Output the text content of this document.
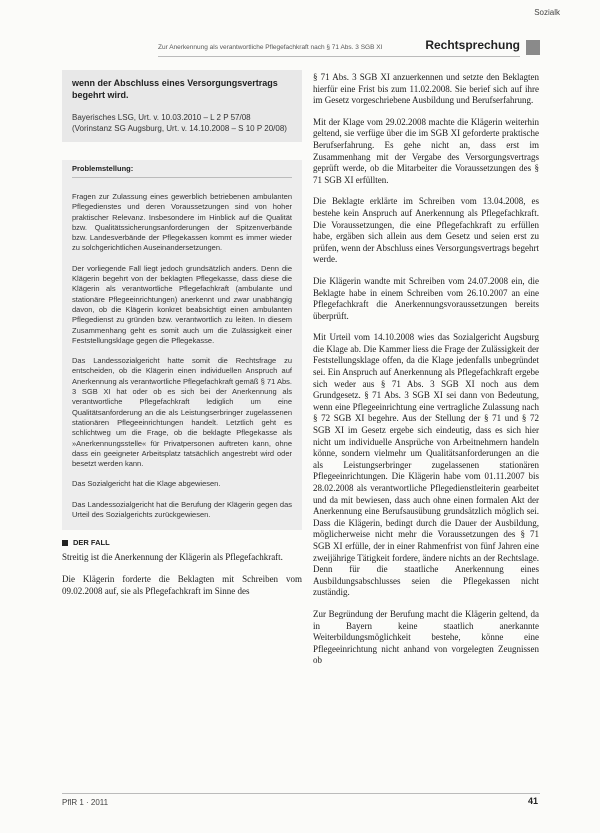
Sozialk
Zur Anerkennung als verantwortliche Pflegefachkraft nach § 71 Abs. 3 SGB XI	Rechtsprechung

wenn der Abschluss eines Versorgungsvertrags begehrt wird.

Bayerisches LSG, Urt. v. 10.03.2010 – L 2 P 57/08

(Vorinstanz SG Augsburg, Urt. v. 14.10.2008 – S 10 P 20/08)

Problemstellung:

Fragen zur Zulassung eines gewerblich betriebenen ambulanten Pflegedienstes und deren Voraussetzungen sind von hoher praktischer Relevanz. Insbesondere im Hinblick auf die Qualität bzw. Qualitätssicherungsanforderungen der Spitzenverbände bzw. Landesverbände der Pflegekassen kommt es immer wieder zu solchgerichtlichen Auseinandersetzungen.

Der vorliegende Fall liegt jedoch grundsätzlich anders. Denn die Klägerin begehrt von der beklagten Pflegekasse, dass diese die Klägerin als verantwortliche Pflegefachkraft (ambulante und stationäre Pflegeeinrichtungen) anerkennt und zwar unabhängig davon, ob die Klägerin konkret beabsichtigt einen ambulanten Pflegedienst zu gründen bzw. verantwortlich zu leiten. In diesem Zusammenhang geht es somit auch um die Zulässigkeit einer Feststellungsklage gegen die Pflegekasse.

Das Landessozialgericht hatte somit die Rechtsfrage zu entscheiden, ob die Klägerin einen individuellen Anspruch auf Anerkennung als verantwortliche Pflegefachkraft gemäß § 71 Abs. 3 SGB XI hat oder ob es sich bei der Anerkennung als verantwortliche Pflegefachkraft lediglich um eine Qualitätsanforderung an die als Leistungserbringer zugelassenen stationären Pflegeeinrichtungen handelt. Letztlich geht es schlichtweg um die Frage, ob die beklagte Pflegekasse als »Anerkennungsstelle« für Privatpersonen auftreten kann, ohne dass ein geeigneter Arbeitsplatz tatsächlich angestrebt wird oder besetzt werden kann.

Das Sozialgericht hat die Klage abgewiesen.

Das Landessozialgericht hat die Berufung der Klägerin gegen das Urteil des Sozialgerichts zurückgewiesen.

DER FALL

Streitig ist die Anerkennung der Klägerin als Pflegefachkraft.

Die Klägerin forderte die Beklagten mit Schreiben vom 09.02.2008 auf, sie als Pflegefachkraft im Sinne des

§ 71 Abs. 3 SGB XI anzuerkennen und setzte den Beklagten hierfür eine Frist bis zum 11.02.2008. Sie berief sich auf ihre im Gesetz vorgeschriebene Ausbildung und Berufserfahrung.

Mit der Klage vom 29.02.2008 machte die Klägerin weiterhin geltend, sie verfüge über die im SGB XI geforderte praktische Berufserfahrung. Es gehe nicht an, dass erst im Zusammenhang mit der Vergabe des Versorgungsvertrags geprüft werde, ob die Mitarbeiter die Voraussetzungen des § 71 SGB XI erfüllten.

Die Beklagte erklärte im Schreiben vom 13.04.2008, es bestehe kein Anspruch auf Anerkennung als Pflegefachkraft. Die Voraussetzungen, die eine Pflegefachkraft zu erfüllen habe, ergäben sich allein aus dem Gesetz und seien erst zu prüfen, wenn der Abschluss eines Versorgungsvertrags begehrt werde.

Die Klägerin wandte mit Schreiben vom 24.07.2008 ein, die Beklagte habe in einem Schreiben vom 26.10.2007 an eine Pflegefachkraft die Anerkennungsvoraussetzungen bereits überprüft.

Mit Urteil vom 14.10.2008 wies das Sozialgericht Augsburg die Klage ab. Die Kammer liess die Frage der Zulässigkeit der Feststellungsklage offen, da die Klage jedenfalls unbegründet sei. Ein Anspruch auf Anerkennung als Pflegefachkraft ergebe sich weder aus § 71 Abs. 3 SGB XI noch aus dem Grundgesetz. § 71 Abs. 3 SGB XI sei dann von Bedeutung, wenn eine Pflegeeinrichtung eine vertragliche Zulassung nach § 72 SGB XI begehre. Aus der Stellung der § 71 und § 72 SGB XI im Gesetz ergebe sich eindeutig, dass es sich hier nicht um individuelle Ansprüche von Arbeitnehmern handeln könne, sondern vielmehr um Qualitätsanforderungen an die als Leistungserbringer zugelassenen stationären Pflegeeinrichtungen. Die Klägerin habe vom 01.11.2007 bis 28.02.2008 als verantwortliche Pflegedienstleiterin gearbeitet und da mit bewiesen, dass auch ohne einen formalen Akt der Anerkennung eine Berufsausübung grundsätzlich möglich sei. Dass die Klägerin, bedingt durch die Dauer der Ausbildung, möglicherweise nicht mehr die Voraussetzungen des § 71 SGB XI erfülle, der in einer Rahmenfrist von fünf Jahren eine zweijährige Tätigkeit fordere, ändere nichts an der Rechtslage. Denn für die staatliche Anerkennung eines Ausbildungsabschlusses seien die Pflegekassen nicht zuständig.

Zur Begründung der Berufung macht die Klägerin geltend, da in Bayern keine staatlich anerkannte Weiterbildungsmöglichkeit bestehe, könne eine Pflegeeinrichtung nicht anhand von vorgelegten Zeugnissen ob

PflR 1 · 2011	41
